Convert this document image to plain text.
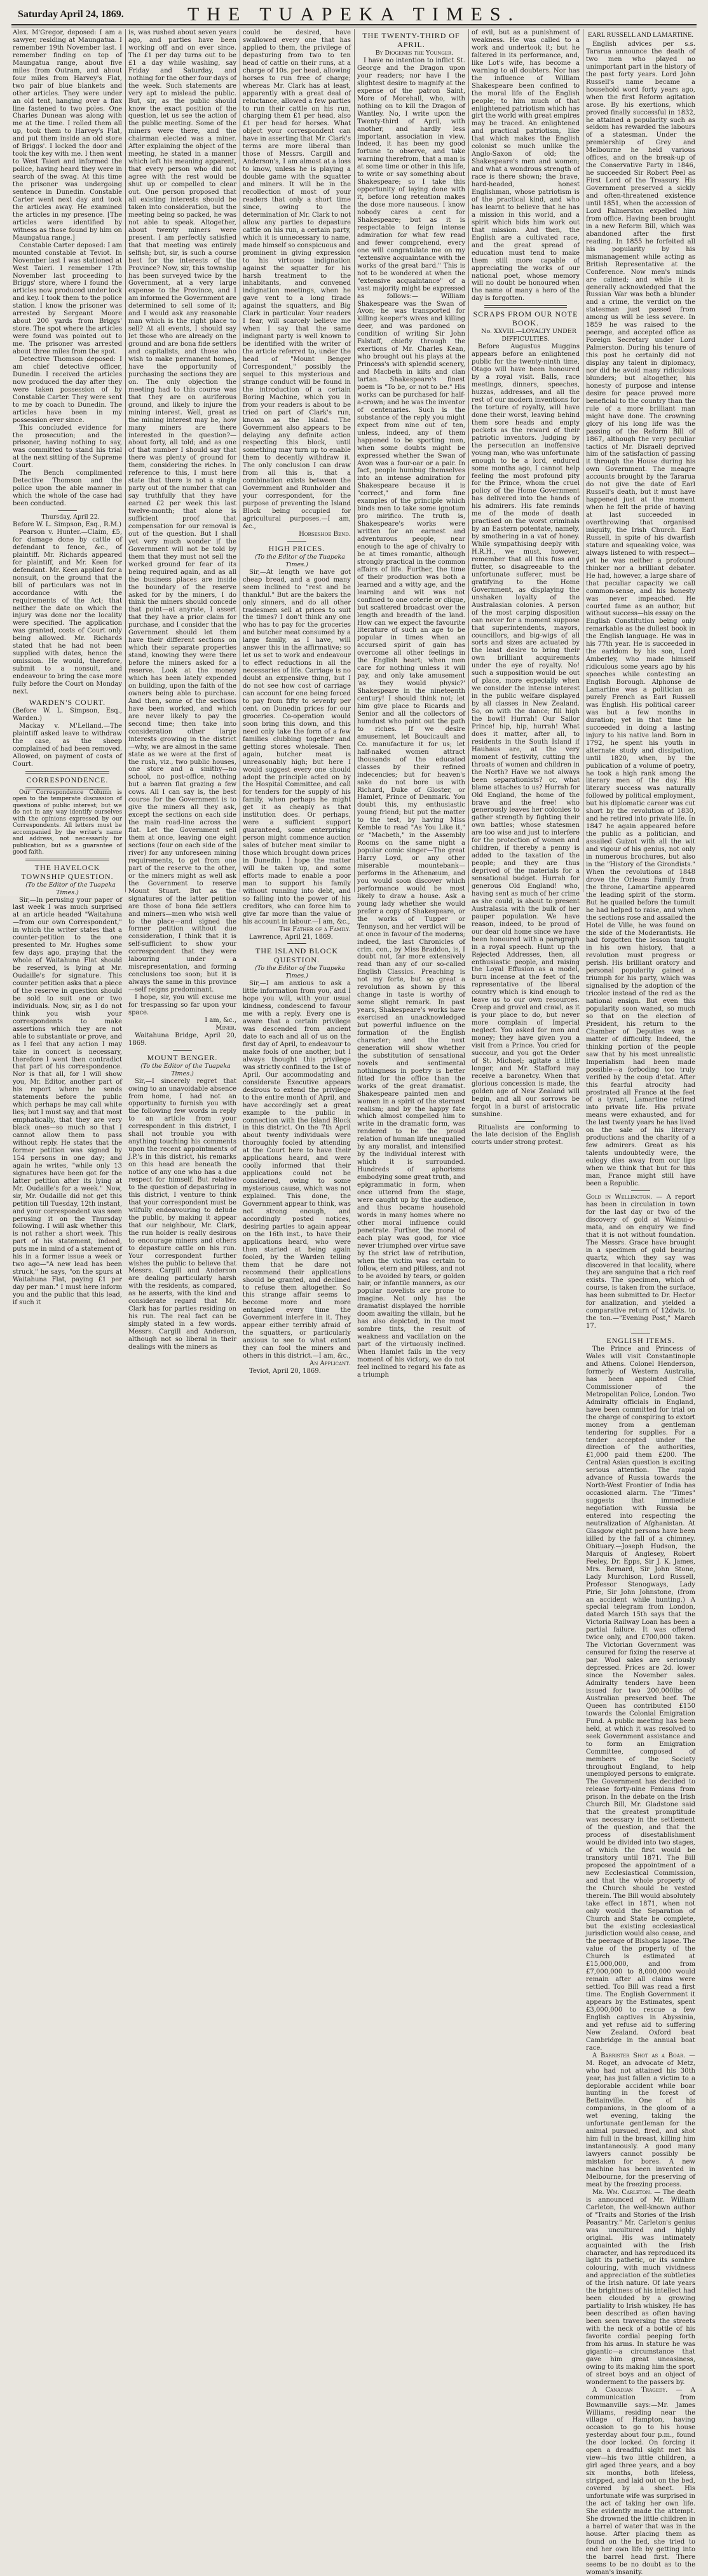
Saturday April 24, 1869.	THE TUAPEKA TIMES.

Alex. M'Gregor, deposed: I am a sawyer, residing at Maungatua. I remember 19th November last. I remember finding on top of Maungatua range, about five miles from Outram, and about four miles from Harvey's Flat, two pair of blue blankets and other articles. They were under an old tent, hanging over a flax line fastened to two poles. One Charles Dunean was along with me at the time. I rolled them all up, took them to Harvey's Flat, and put them inside an old store of Briggs'. I locked the door and took the key with me. I then went to West Taieri and informed the police, having heard they were in search of the swag. At this time the prisoner was undergoing sentence in Dunedin. Constable Carter went next day and took the articles away. He examined the articles in my presence. [The articles were identified by witness as those found by him on Maungatua range.]

Constable Carter deposed: I am mounted constable at Teviot. In November last I was stationed at West Taieri. I remember 17th November last proceeding to Briggs' store, where I found the articles now produced under lock and key. I took them to the police station. I know the prisoner was arrested by Sergeant Moore about 200 yards from Briggs' store. The spot where the articles were found was pointed out to me. The prisoner was arrested about three miles from the spot.

Detective Thomson deposed: I am chief detective officer, Dunedin. I received the articles now produced the day after they were taken possession of by Constable Carter. They were sent to me by coach to Dunedin. The articles have been in my possession ever since.

This concluded evidence for the prosecution; and the prisoner, having nothing to say, was committed to stand his trial at the next sitting of the Supreme Court.

The Bench complimented Detective Thomson and the police upon the able manner in which the whole of the case had been conducted.

Thursday, April 22.

Before W. L. Simpson, Esq., R.M.)

Pearson v. Hunter.—Claim, £5, for damage done by cattle of defendant to fence, &c., of plaintiff. Mr. Richards appeared for plaintiff, and Mr. Keen for defendant. Mr. Keen applied for a nonsuit, on the ground that the bill of particulars was not in accordance with the requirements of the Act; that neither the date on which the injury was done nor the locality were specified. The application was granted, costs of Court only being allowed. Mr. Richards stated that he had not been supplied with dates, hence the omission. He would, therefore, submit to a nonsuit, and endeavour to bring the case more fully before the Court on Monday next.

WARDEN'S COURT.

(Before W. L. Simpson, Esq., Warden.)

Mackay v. M'Lelland.—The plaintiff asked leave to withdraw the case, as the sheep complained of had been removed. Allowed, on payment of costs of Court.

CORRESPONDENCE.

Our Correspondence Column is open to the temperate discussion of questions of public interest; but we do not in any way identify ourselves with the opinions expressed by our Correspondents. All letters must be accompanied by the writer's name and address, not necessarily for publication, but as a guarantee of good faith.

THE HAVELOCK TOWNSHIP QUESTION.

(To the Editor of the Tuapeka Times.)

Sir,—In perusing your paper of last week I was much surprised at an article headed "Waitahuna—from our own Correspondent," in which the writer states that a counter-petition to the one presented to Mr. Hughes some few days ago, praying that the whole of Waitahuna Flat should be reserved, is lying at Mr. Oudaille's for signature. This counter petition asks that a piece of the reserve in question should be sold to suit one or two individuals. Now, sir, as I do not think you wish your correspondents to make assertions which they are not able to substantiate or prove, and as I feel that any action I may take in concert is necessary, therefore I went then contradict that part of his correspondence. Nor is that all, for I will show you, Mr. Editor, another part of his report where he sends statements before the public which perhaps he may call white lies; but I must say, and that most emphatically, that they are very black ones—so much so that I cannot allow them to pass without reply. He states that the former petition was signed by 154 persons in one day; and again he writes, "while only 13 signatures have been got for the latter petition after its lying at Mr. Oudaille's for a week." Now, sir, Mr. Oudaille did not get this petition till Tuesday, 12th instant, and your correspondent was seen perusing it on the Thursday following. I will ask whether this is not rather a short week. This part of his statement, indeed, puts me in mind of a statement of his in a former issue a week or two ago—"A new lead has been struck," he says, "on the spurs at Waitahuna Flat, paying £1 per day per man." I must here inform you and the public that this lead, if such it

is, was rushed about seven years ago, and parties have been working off and on ever since. The £1 per day turns out to be £1 a day while washing, say Friday and Saturday, and nothing for the other four days of the week. Such statements are very apt to mislead the public. But, sir, as the public should know the exact position of the question, let us see the action of the public meeting. Some of the miners were there, and the chairman elected was a miner. After explaining the object of the meeting, he stated in a manner which left his meaning apparent, that every person who did not agree with the rest would be shut up or compelled to clear out. One person proposed that all existing interests should be taken into consideration, but the meeting being so packed, he was not able to speak. Altogether, about twenty miners were present. I am perfectly satisfied that that meeting was entirely selfish; but, sir, is such a course best for the interests of the Province? Now, sir, this township has been surveyed twice by the Government, at a very large expense to the Province, and I am informed the Government are determined to sell some of it; and I would ask any reasonable man which is the right place to sell? At all events, I should say let those who are already on the ground and are bona fide settlers and capitalists, and those who wish to make permanent homes, have the opportunity of purchasing the sections they are on. The only objection the meeting had to this course was that they are on auriferous ground, and likely to injure the mining interest. Well, great as the mining interest may be, how many miners are there interested in the question?—about forty, all told; and as one of that number I should say that there was plenty of ground for them, considering the riches. In reference to this, I must here state that there is not a single party out of the number that can say truthfully that they have earned £2 per week this last twelve-month; that alone is sufficient proof that compensation for our removal is out of the question. But I shall yet very much wonder if the Government will not be told by them that they must not sell the worked ground for fear of its being required again, and as all the business places are inside the boundary of the reserve asked for by the miners, I do think the miners should concede that point—at anyrate, I assert that they have a prior claim for purchase, and I consider that the Government should let them have their different sections on which their separate properties stand, knowing they were there before the miners asked for a reserve. Look at the money which has been lately expended on building, upon the faith of the owners being able to purchase. And then, some of the sections have been worked, and which are never likely to pay the second time; then take into consideration other large interests growing in the district—why, we are almost in the same state as we were at the first of the rush, viz., two public houses, one store and a smithy—no school, no post-office, nothing but a barren flat grazing a few cows. All I can say is, the best course for the Government is to give the miners all they ask, except the sections on each side the main road-line across the flat. Let the Government sell them at once, leaving one eight sections (four on each side of the river) for any unforeseen mining requirements, to get from one part of the reserve to the other, or the miners might as well ask the Government to reserve Mount Stuart. But as the signatures of the latter petition are those of bona fide settlers and miners—men who wish well to the place—and signed the former petition without due consideration, I think that it is self-sufficient to show your correspondent that they were labouring under a misrepresentation, and forming conclusions too soon; but it is always the same in this province—self reigns predominant.

I hope, sir, you will excuse me for trespassing so far upon your space.

I am, &c.,

Miner.

Waitahuna Bridge, April 20, 1869.

MOUNT BENGER.

(To the Editor of the Tuapeka Times.)

Sir,—I sincerely regret that owing to an unavoidable absence from home, I had not an opportunity to furnish you with the following few words in reply to an article from your correspondent in this district, I shall not trouble you with anything touching his comments upon the recent appointments of J.P.'s in this district, his remarks on this head are beneath the notice of any one who has a due respect for himself. But relative to the question of depasturing in this district, I venture to think that your correspondent must be wilfully endeavouring to delude the public, by making it appear that our neighbour, Mr. Clark, the run holder is really desirous to encourage miners and others to depasture cattle on his run. Your correspondent further wishes the public to believe that Messrs. Cargill and Anderson are dealing particularly harsh with the residents, as compared, as he asserts, with the kind and considerate regard that Mr. Clark has for parties residing on his run. The real fact can be simply stated in a few words. Messrs. Cargill and Anderson, although not so liberal in their dealings with the miners as

could be desired, have swallowed every one that has applied to them, the privilege of depasturing from two to ten head of cattle on their runs, at a charge of 10s. per head, allowing horses to run free of charge; whereas Mr. Clark has at least, apparently with a great deal of reluctance, allowed a few parties to run their cattle on his run, charging them £1 per head, also £1 per head for horses. What object your correspondent can have in asserting that Mr. Clark's terms are more liberal than those of Messrs. Cargill and Anderson's, I am almost at a loss to know, unless he is playing a double game with the squatter and miners. It will be in the recollection of most of your readers that only a short time since, owing to the determination of Mr. Clark to not allow any parties to depasture cattle on his run, a certain party, which it is unnecessary to name, made himself so conspicuous and prominent in giving expression to his virtuous indignation against the squatter for his harsh treatment to the inhabitants, and convened indignation meetings, when he gave vent to a long tirade against the squatters, and Big Clark in particular. Your readers I fear, will scarcely believe me when I say that the same indignant party is well known to be identified with the writer of the article referred to, under the head of "Mount Benger Correspondent," possibly the sequel to this mysterious and strange conduct will be found in the introduction of a certain Boring Machine, which you in from your readers is about to be tried on part of Clark's run, known as the Island. The Government also appears to be delaying any definite action respecting this block, until something may turn up to enable them to decently withdraw it. The only conclusion I can draw from all this is, that a combination exists between the Government and Runholder and your correspondent, for the purpose of preventing the Island Block being occupied for agricultural purposes.—I am, &c.,

Horseshoe Bend.

HIGH PRICES.

(To the Editor of the Tuapeka Times.)

Sir,—At length we have got cheap bread, and a good many seem inclined to "rest and be thankful." But are the bakers the only sinners, and do all other tradesmen sell at prices to suit the times? I don't think any one who has to pay for the groceries and butcher meat consumed by a large family, as I have, will answer this in the affirmative; so let us set to work and endeavour to effect reductions in all the necessaries of life. Carriage is no doubt an expensive thing, but I do not see how cost of carriage can account for one being forced to pay from fifty to seventy per cent. on Dunedin prices for our groceries. Co-operation would soon bring this down, and this need only take the form of a few families clubbing together and getting stores wholesale. Then again, butcher meat is unreasonably high; but here I would suggest every one should adopt the principle acted on by the Hospital Committee, and call for tenders for the supply of his family, when perhaps he might get it as cheaply as that institution does. Or perhaps, were a sufficient support guaranteed, some enterprising person might commence auction sales of butcher meat similar to those which brought down prices in Dunedin. I hope the matter will be taken up, and some efforts made to enable a poor man to support his family without running into debt, and so falling into the power of his creditors, who can force him to give far more than the value of his account in labour.—I am, &c.,

The Father of a Family.

Lawrence, April 21, 1869.

THE ISLAND BLOCK QUESTION.

(To the Editor of the Tuapeka Times.)

Sir,—I am anxious to ask a little information from you, and I hope you will, with your usual kindness, condescend to favour me with a reply. Every one is aware that a certain privilege was descended from ancient date to each and all of us on the first day of April, to endeavour to make fools of one another, but I always thought this privilege was strictly confined to the 1st of April. Our accommodating and considerate Executive appears desirous to extend the privilege to the entire month of April, and have accordingly set a great example to the public in connection with the Island Block in this district. On the 7th April about twenty individuals were thoroughly fooled by attending at the Court here to have their applications heard, and were coolly informed that their applications could not be considered, owing to some mysterious cause, which was not explained. This done, the Government appear to think, was not strong enough, and accordingly posted notices, desiring parties to again appear on the 16th inst., to have their applications heard, who were then started at being again fooled, by the Warden telling them that he dare not recommend their applications should be granted, and declined to refuse them altogether. So this strange affair seems to become more and more entangled every time the Government interfere in it. They appear either terribly afraid of the squatters, or particularly anxious to see to what extent they can fool the miners and others in this district.—I am, &c.,

An Applicant.

Teviot, April 20, 1869.

THE TWENTY-THIRD OF APRIL.

By Diogenes the Younger.

I have no intention to inflict St. George and the Dragon upon your readers; nor have I the slightest desire to magnify at the expense of the patron Saint, More of Morehall, who, with nothing on to kill the Dragon of Wantley. No, I write upon the Twenty-third of April, with another, and hardly less important, association in view. Indeed, it has been my good fortune to observe, and take warning therefrom, that a man is at some time or other in this life, to write or say something about Shakespeare; so I take this opportunity of laying done with it, before long retention makes the dose more nauseous. I know nobody cares a cent for Shakespeare; but as it is respectable to feign intense admiration for what few read and fewer comprehend, every one will congratulate me on my "extensive acquaintance with the works of the great bard." This is not to be wondered at when the "extensive acquaintance" of a vast majority might be expressed as follows:— William Shakespeare was the Swan of Avon; he was transported for killing keeper's wives and killing deer, and was pardoned on condition of writing Sir John Falstaff, chiefly through the exertions of Mr. Charles Kean, who brought out his plays at the Princess's with splendid scenery, and Macbeth in kilts and clan tartan. Shakespeare's finest poem is "To be, or not to be." His works can be purchased for half-a-crown; and he was the inventor of centenaries. Such is the substance of the reply you might expect from nine out of ten, unless, indeed, any of them happened to be sporting men, when some doubts might be expressed whether the Swan of Avon was a four-oar or a pair. In fact, people humbug themselves into an intense admiration for Shakespeare because it is "correct," and form fine examples of the principle which binds men to take some ignotum pro mirifico. The truth is, Shakespeare's works were written for an earnest and adventurous people, near enough to the age of chivalry to be at times romantic, although strongly practical in the common affairs of life. Further, the time of their production was both a learned and a witty age, and the learning and wit was not confined to one coterie or clique, but scattered broadcast over the length and breadth of the land. How can we expect the favourite literature of such an age to be popular in times when an accursed spirit of gain has overcome all other feelings in the English heart; when men care for nothing unless it will pay, and only take amusement 'as they would physic?' Shakespeare in the nineteenth century! I should think not; let him give place to Ricards and Senior and all the collectors of humdust who point out the path to riches. If we desire amusement, let Boucicault and Co. manufacture it for us; let half-naked women attract thousands of the educated classes by their refined indecencies; but for heaven's sake do not bore us with Richard, Duke of Gloster, or Hamlet, Prince of Denmark. You doubt this, my enthusiastic young friend; but put the matter to the test, by having Miss Kemble to read "As You Like it," or "Macbeth," in the Assembly Rooms on the same night a popular comic singer—The great Harry Loyd, or any other miserable mountebank—performs in the Athenæum, and you would soon discover which performance would be most likely to draw a house. Ask a young lady whether she would prefer a copy of Shakespeare, or the works of Tupper or Tennyson, and her verdict will be at once in favour of the moderns; indeed, the last Chronicles of crim. con., by Miss Braddon, is, I doubt not, far more extensively read than any of our so-called English Classics. Preaching is not my forte, but so great a revolution as shown by this change in taste is worthy of some slight remark. In past years, Shakespeare's works have exercised an unacknowledged but powerful influence on the formation of the English character; and the next generation will show whether the substitution of sensational novels and sentimental nothingness in poetry is better fitted for the office than the works of the great dramatist. Shakespeare painted men and women in a spirit of the sternest realism; and by the happy fate which almost compelled him to write in the dramatic form, was rendered to be the proud relation of human life unequalled by any moralist, and intensified by the individual interest with which it is surrounded. Hundreds of aphorisms embodying some great truth, and epigrammatic in form, when once uttered from the stage, were caught up by the audience, and thus became household words in many homes where no other moral influence could penetrate. Further, the moral of each play was good, for vice never triumphed over virtue save by the strict law of retribution, when the victim was certain to follow, etern and pitiless, and not to be avoided by tears, or golden hair, or infantile manners, as our popular novelists are prone to imagine. Not only has the dramatist displayed the horrible doom awaiting the villain, but he has also depicted, in the most sombre tints, the result of weakness and vacillation on the part of the virtuously inclined. When Hamlet fails in the very moment of his victory, we do not feel inclined to regard his fate as a triumph

of evil, but as a punishment of weakness. He was called to a work and undertook it; but he faltered in its performance, and, like Lot's wife, has become a warning to all doubters. Nor has the influence of William Shakespeare been confined to the moral life of the English people; to him much of that enlightened patriotism which has girt the world with great empires may be traced. An enlightened and practical patriotism, like that which makes the English colonist so much unlike the Anglo-Saxon of old; the Shakespeare's men and women; and what a wondrous strength of race is there shown; the brave, hard-headed, honest Englishman, whose patriotism is of the practical kind, and who has learnt to believe that he has a mission in this world, and a spirit which bids him work out that mission. And then, the English are a cultivated race, and the great spread of education must tend to make them still more capable of appreciating the works of our national poet, whose memory will no doubt be honoured when the name of many a hero of the day is forgotten.

SCRAPS FROM OUR NOTE BOOK.

No. XXVIII.—LOYALTY UNDER DIFFICULTIES.

Before Augustus Muggins appears before an enlightened public for the twenty-ninth time, Otago will have been honoured by a royal visit. Balls, race meetings, dinners, speeches, huzzas, addresses, and all the rest of our modern inventions for the torture of royalty, will have done their worst, leaving behind them sore heads and empty pockets as the reward of their patriotic inventors. Judging by the persecution an inoffensive young man, who was unfortunate enough to be a lord, endured some months ago, I cannot help feeling the most profound pity for the Prince, whom the cruel policy of the Home Government has delivered into the hands of his admirers. His fate reminds me of the mode of death practised on the worst criminals by an Eastern potentate, namely, by smothering in a vat of honey. While sympathising deeply with H.R.H., we must, however, remember that all this fuss and flutter, so disagreeable to the unfortunate sufferer, must be gratifying to the Home Government, as displaying the unshaken loyalty of the Australasian colonies. A person of the most carping disposition can never for a moment suppose that superintendents, mayors, councillors, and big-wigs of all sorts and sizes are actuated by the least desire to bring their own brilliant acquirements under the eye of royalty. No! such a supposition would be out of place, more especially when we consider the intense interest in the public welfare displayed by all classes in New Zealand. So, on with the dance; fill high the bowl! Hurrah! Our Sailor Prince! hip, hip, hurrah! What does it matter, after all, to residents in the South Island if Hauhaus are, at the very moment of festivity, cutting the throats of women and children in the North? Have we not always been separationists? or, what blame attaches to us? Hurrah for Old England, the home of the brave and the free! who generously leaves her colonies to gather strength by fighting their own battles; whose statesmen are too wise and just to interfere for the protection of women and children, if thereby a penny is added to the taxation of the people; and they are thus deprived of the materials for a sensational budget. Hurrah for generous Old England! who, having sent as much of her crime as she could, is about to present Australasia with the bulk of her pauper population. We have reason, indeed, to be proud of our dear old home since we have been honoured with a paragraph in a royal speech. Hunt up the Rejected Addresses, then, all enthusiastic people, and raising the Loyal Effusion as a model, burn incense at the feet of the representative of the liberal country which is kind enough to leave us to our own resources. Creep and grovel and crawl, as it is your place to do, but never more complain of Imperial neglect. You asked for men and money; they have given you a visit from a Prince. You cried for succour, and you got the Order of St. Michael; agitate a little longer, and Mr. Stafford may receive a baronetcy. When that glorious concession is made, the golden age of New Zealand will begin, and all our sorrows be forgot in a burst of aristocratic sunshine.

Ritualists are conforming to the late decision of the English courts under strong protest.

EARL RUSSELL AND LAMARTINE.

English advices per s.s. Tararua announce the death of two men who played no unimportant part in the history of the past forty years. Lord John Russell's name became a household word forty years ago, when the first Reform agitation arose. By his exertions, which proved finally successful in 1832, he attained a popularity such as seldom has rewarded the labours of a statesman. Under the premiership of Grey and Melbourne he held various offices, and on the break-up of the Conservative Party in 1846, he succeeded Sir Robert Peel as First Lord of the Treasury. His Government preserved a sickly and often-threatened existence until 1851, when the accession of Lord Palmerston expelled him from office. Having been brought in a new Reform Bill, which was abandoned after the first reading. In 1855 he forfeited all his popularity by his mismanagement while acting as British Representative at the Conference. Now men's minds are calmed; and while it is generally acknowledged that the Russian War was both a blunder and a crime, the verdict on the statesman just passed from among us will be less severe. In 1859 he was raised to the peerage, and accepted office as Foreign Secretary under Lord Palmerston. During his tenure of this post he certainly did not display any talent in diplomacy, nor did he avoid many ridiculous blunders; but altogether, his honesty of purpose and intense desire for peace proved more beneficial to the country than the rule of a more brilliant man might have done. The crowning glory of his long life was the passing of the Reform Bill of 1867, although the very peculiar tactics of Mr. Disraeli deprived him of the satisfaction of passing it through the House during his own Government. The meagre accounts brought by the Tararua do not give the date of Earl Russell's death, but it must have happened just at the moment when he felt the pride of having at last succeeded in overthrowing that organised iniquity, the Irish Church. Earl Russell, in spite of his dwarfish stature and squeaking voice, was always listened to with respect—yet he was neither a profound thinker nor a brilliant debater. He had, however, a large share of that peculiar capacity we call common-sense, and his honesty was never impeached. He courted fame as an author, but without success—his essay on the English Constitution being only remarkable as the dullest book in the English language. He was in his 77th year. He is succeeded in the earldom by his son, Lord Amberley, who made himself ridiculous some years ago by his speeches while contesting an English Borough. Alphonse de Lamartine was a politician as purely French as Earl Russell was English. His political career was but a few months in duration; yet in that time he succeeded in doing a lasting injury to his native land. Born in 1792, he spent his youth in alternate study and dissipation, until 1820, when, by the publication of a volume of poetry, he took a high rank among the literary men of the day. His literary success was naturally followed by political employment, but his diplomatic career was cut short by the revolution of 1830, and he retired into private life. In 1847 he again appeared before the public as a politician, and assailed Guizot with all the wit and vigour of his genius, not only in numerous brochures, but also in the "History of the Girondists." When the revolutions of 1848 drove the Orleans Family from the throne, Lamartine appeared the leading spirit of the storm. But he quailed before the tumult he had helped to raise, and when the sections rose and assailed the Hotel de Ville, he was found on the side of the Moderantists. He had forgotten the lesson taught in his own history, that a revolution must progress or perish. His brilliant oratory and personal popularity gained a triumph for his party, which was signalised by the adoption of the tricolor instead of the red as the national ensign. But even this popularity soon waned, so much so that on the election of President, his return to the Chamber of Deputies was a matter of difficulty. Indeed, the thinking portion of the people saw that by his most unrealistic Imperialism had been made possible—a forboding too truly verified by the coup d'etat. After this fearful atrocity had prostrated all France at the feet of a tyrant, Lamartine retired into private life. His private means were exhausted, and for the last twenty years he has lived on the sale of his literary productions and the charity of a few admirers. Great as his talents undoubtedly were, the eulogy dies away from our lips when we think that but for this man, France might still have been a Republic.

Gold in Wellington. — A report has been in circulation in town for the last day or two of the discovery of gold at Wainui-o-mata, and on enquiry we find that it is not without foundation. The Messrs. Grace have brought in a specimen of gold bearing quartz, which they say was discovered in that locality, where they are sanguine that a rich reef exists. The specimen, which of course, is taken from the surface, has been submitted to Dr. Hector for analization, and yielded a comparative return of 12dwts. to the ton.—"Evening Post," March 17.

ENGLISH ITEMS.

The Prince and Princess of Wales will visit Constantinople and Athens. Colonel Henderson, formerly of Western Australia, has been appointed Chief Commissioner of the Metropolitan Police, London. Two Admiralty officials in England, have been committed for trial on the charge of conspiring to extort money from a gentleman tendering for supplies. For a tender accepted under the direction of the authorities, £1,000 paid them £200. The Central Asian question is exciting serious attention. The rapid advance of Russia towards the North-West Frontier of India has occasioned alarm. The "Times" suggests that immediate negotiation with Russia be entered into respecting the neutralization of Afghanistan. At Glasgow eight persons have been killed by the fall of a chimney. Obituary.—Joseph Hudson, the Marquis of Anglesey, Robert Feeley, Dr. Epps, Sir J. K. James, Mrs. Bernard, Sir John Stone, Lady Murchison, Lord Russell, Professor Stenogways, Lady Pirie, Sir John Johnstone, (from an accident while hunting.) A special telegram from London, dated March 15th says that the Victoria Railway Loan has been a partial failure. It was offered twice only, and £700,000 taken. The Victorian Government was censured for fixing the reserve at par. Wool sales are seriously depressed. Prices are 2d. lower since the November sales. Admiralty tenders have been issued for two 200,000lbs of Australian preserved beef. The Queen has contributed £150 towards the Colonial Emigration Fund. A public meeting has been held, at which it was resolved to seek Government assistance and to form an Emigration Committee, composed of members of the Society throughout England, to help unemployed persons to emigrate. The Government has decided to release forty-nine Fenians from prison. In the debate on the Irish Church Bill, Mr. Gladstone said that the greatest promptitude was necessary in the settlement of the question, and that the process of disestablishment would be divided into two stages, of which the first would be transitory until 1871. The Bill proposed the appointment of a new Ecclesiastical Commission, and that the whole property of the Church should be vested therein. The Bill would absolutely take effect in 1871, when not only would the Separation of Church and State be complete, but the existing ecclesiastical jurisdiction would also cease, and the peerage of Bishops lapse. The value of the property of the Church is estimated at £15,000,000, and from £7,000,000 to 8,000,000 would remain after all claims were settled. Too Bill was read a first time. The English Government it appears by the Estimates, spent £3,000,000 to rescue a few English captives in Abyssinia, and yet refuse aid to suffering New Zealand. Oxford beat Cambridge in the annual boat race.

A Barrister Shot as a Boar. — M. Roget, an advocate of Metz, who had not attained his 30th year, has just fallen a victim to a deplorable accident while boar hunting in the forest of Bettainville. One of his companions, in the gloom of a wet evening, taking the unfortunate gentleman for the animal pursued, fired, and shot him full in the breast, killing him instantaneously. A good many lawyers cannot possibly be mistaken for bores. A new machine has been invented in Melbourne, for the preserving of meat by the freezing process.

Mr. Wm. Carleton. — The death is announced of Mr. William Carleton, the well-known author of "Traits and Stories of the Irish Peasantry." Mr. Carleton's genius was uncultured and highly original. His was intimately acquainted with the Irish character, and has reproduced its light its pathetic, or its sombre colouring, with much vividness and appreciation of the subtleties of the Irish nature. Of late years the brightness of his intellect had been clouded by a growing partiality to Irish whiskey. He has been described as often having been seen traversing the streets with the neck of a bottle of his favorite cordial peeping forth from his arms. In stature he was gigantic—a circumstance that gave him great uneasiness, owing to its making him the sport of street boys and an object of wonderment to the passers by.

A Canadian Tragedy. — A communication from Bowmanville says:—Mr. James Williams, residing near the village of Hampton, having occasion to go to his house yesterday about four p.m., found the door locked. On forcing it open a dreadful sight met his view—his two little children, a girl aged three years, and a boy six months, both lifeless, stripped, and laid out on the bed, covered by a sheet. His unfortunate wife was surprised in the act of taking her own life. She evidently made the attempt. She drowned the little children in a barrel of water that was in the house. After placing them as found on the bed, she tried to end her own life by getting into the barrel head first. There seems to be no doubt as to the woman's insanity.
